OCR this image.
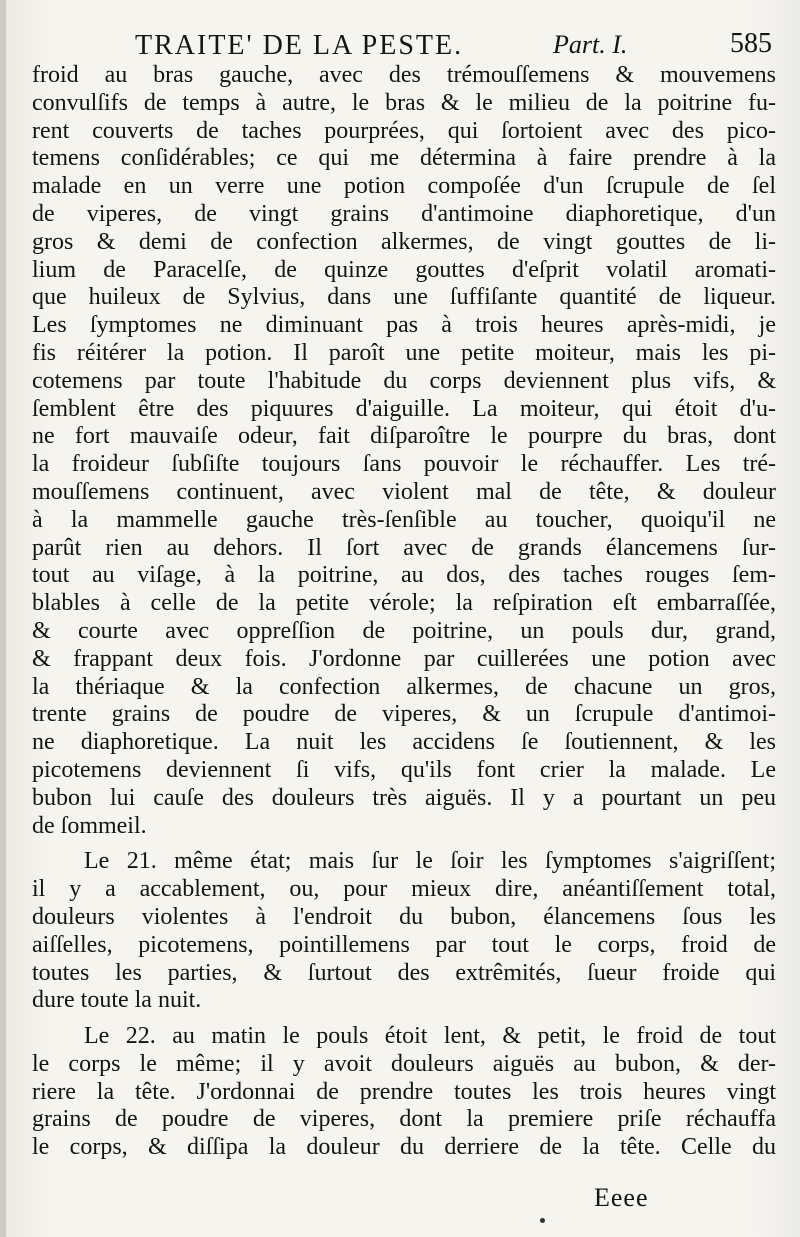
TRAITE' DE LA PESTE.	Part. I.	585
froid au bras gauche, avec des trémouſſemens & mouvemens
convulſifs de temps à autre, le bras & le milieu de la poitrine fu-
rent couverts de taches pourprées, qui ſortoient avec des pico-
temens conſidérables; ce qui me détermina à faire prendre à la
malade en un verre une potion compoſée d'un ſcrupule de ſel
de viperes, de vingt grains d'antimoine diaphoretique, d'un
gros & demi de confection alkermes, de vingt gouttes de li-
lium de Paracelſe, de quinze gouttes d'eſprit volatil aromati-
que huileux de Sylvius, dans une ſuffiſante quantité de liqueur.
Les ſymptomes ne diminuant pas à trois heures après-midi, je
fis réitérer la potion. Il paroît une petite moiteur, mais les pi-
cotemens par toute l'habitude du corps deviennent plus vifs, &
ſemblent être des piquures d'aiguille. La moiteur, qui étoit d'u-
ne fort mauvaiſe odeur, fait diſparoître le pourpre du bras, dont
la froideur ſubſiſte toujours ſans pouvoir le réchauffer. Les tré-
mouſſemens continuent, avec violent mal de tête, & douleur
à la mammelle gauche très-ſenſible au toucher, quoiqu'il ne
parût rien au dehors. Il ſort avec de grands élancemens ſur-
tout au viſage, à la poitrine, au dos, des taches rouges ſem-
blables à celle de la petite vérole; la reſpiration eſt embarraſſée,
& courte avec oppreſſion de poitrine, un pouls dur, grand,
& frappant deux fois. J'ordonne par cuillerées une potion avec
la thériaque & la confection alkermes, de chacune un gros,
trente grains de poudre de viperes, & un ſcrupule d'antimoi-
ne diaphoretique. La nuit les accidens ſe ſoutiennent, & les
picotemens deviennent ſi vifs, qu'ils font crier la malade. Le
bubon lui cauſe des douleurs très aiguës. Il y a pourtant un peu
de ſommeil.
Le 21. même état; mais ſur le ſoir les ſymptomes s'aigriſſent;
il y a accablement, ou, pour mieux dire, anéantiſſement total,
douleurs violentes à l'endroit du bubon, élancemens ſous les
aiſſelles, picotemens, pointillemens par tout le corps, froid de
toutes les parties, & ſurtout des extrêmités, ſueur froide qui
dure toute la nuit.
Le 22. au matin le pouls étoit lent, & petit, le froid de tout
le corps le même; il y avoit douleurs aiguës au bubon, & der-
riere la tête. J'ordonnai de prendre toutes les trois heures vingt
grains de poudre de viperes, dont la premiere priſe réchauffa
le corps, & diſſipa la douleur du derriere de la tête. Celle du
Eeee
